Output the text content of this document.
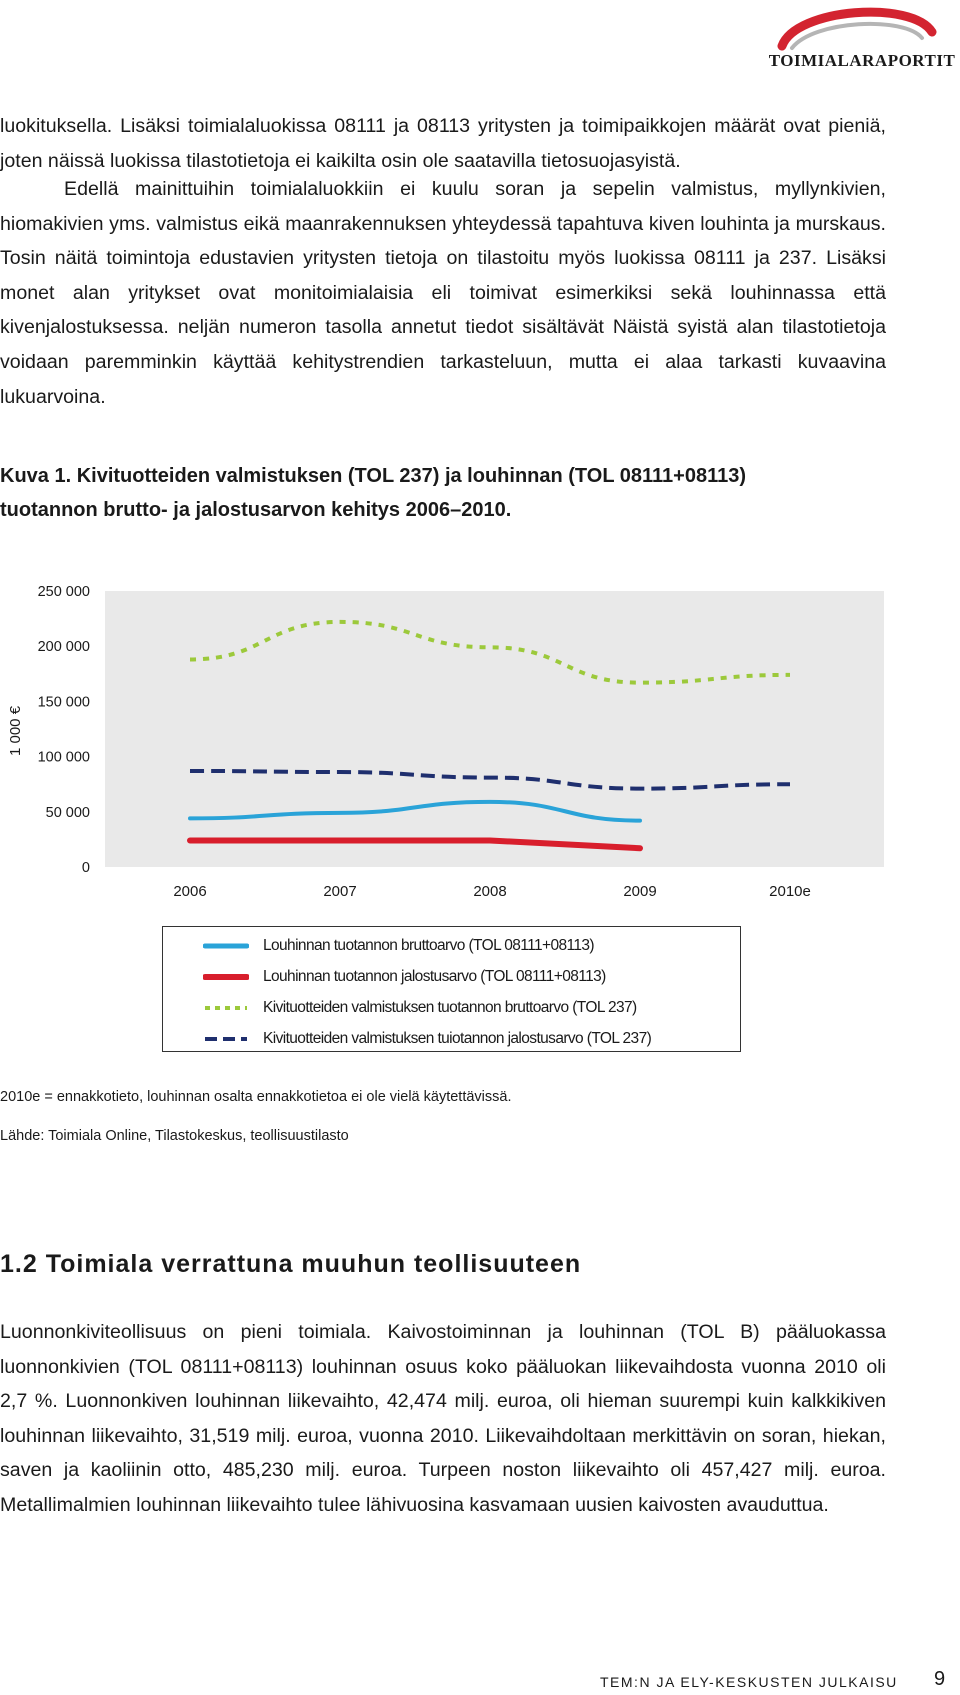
TOIMIALARAPORTIT

luokituksella. Lisäksi toimialaluokissa 08111 ja 08113 yritysten ja toimipaikkojen määrät ovat pieniä, joten näissä luokissa tilastotietoja ei kaikilta osin ole saatavilla tietosuojasyistä.

Edellä mainittuihin toimialaluokkiin ei kuulu soran ja sepelin valmistus, myllynkivien, hiomakivien yms. valmistus eikä maanrakennuksen yhteydessä tapahtuva kiven louhinta ja murskaus. Tosin näitä toimintoja edustavien yritysten tietoja on tilastoitu myös luokissa 08111 ja 237. Lisäksi monet alan yritykset ovat monitoimialaisia eli toimivat esimerkiksi sekä louhinnassa että kivenjalostuksessa. neljän numeron tasolla annetut tiedot sisältävät Näistä syistä alan tilastotietoja voidaan paremminkin käyttää kehitystrendien tarkasteluun, mutta ei alaa tarkasti kuvaavina lukuarvoina.

Kuva 1. Kivituotteiden valmistuksen (TOL 237) ja louhinnan (TOL 08111+08113)
tuotannon brutto- ja jalostusarvon kehitys 2006–2010.
0
50 000
100 000
150 000
200 000
250 000
2006	2007	2008	2009	2010e
1 000 €
Louhinnan tuotannon bruttoarvo (TOL 08111+08113)
Louhinnan tuotannon jalostusarvo (TOL 08111+08113)
Kivituotteiden valmistuksen tuotannon bruttoarvo (TOL 237)
Kivituotteiden valmistuksen tuiotannon jalostusarvo (TOL 237)
2010e = ennakkotieto, louhinnan osalta ennakkotietoa ei ole vielä käytettävissä.
Lähde: Toimiala Online, Tilastokeskus, teollisuustilasto
1.2 Toimiala verrattuna muuhun teollisuuteen

Luonnonkiviteollisuus on pieni toimiala. Kaivostoiminnan ja louhinnan (TOL B) pääluokassa luonnonkivien (TOL 08111+08113) louhinnan osuus koko pääluokan liikevaihdosta vuonna 2010 oli 2,7 %. Luonnonkiven louhinnan liikevaihto, 42,474 milj. euroa, oli hieman suurempi kuin kalkkikiven louhinnan liikevaihto, 31,519 milj. euroa, vuonna 2010. Liikevaihdoltaan merkittävin on soran, hiekan, saven ja kaoliinin otto, 485,230 milj. euroa. Turpeen noston liikevaihto oli 457,427 milj. euroa. Metallimalmien louhinnan liikevaihto tulee lähivuosina kasvamaan uusien kaivosten avauduttua.

TEM:N JA ELY-KESKUSTEN JULKAISU 9
